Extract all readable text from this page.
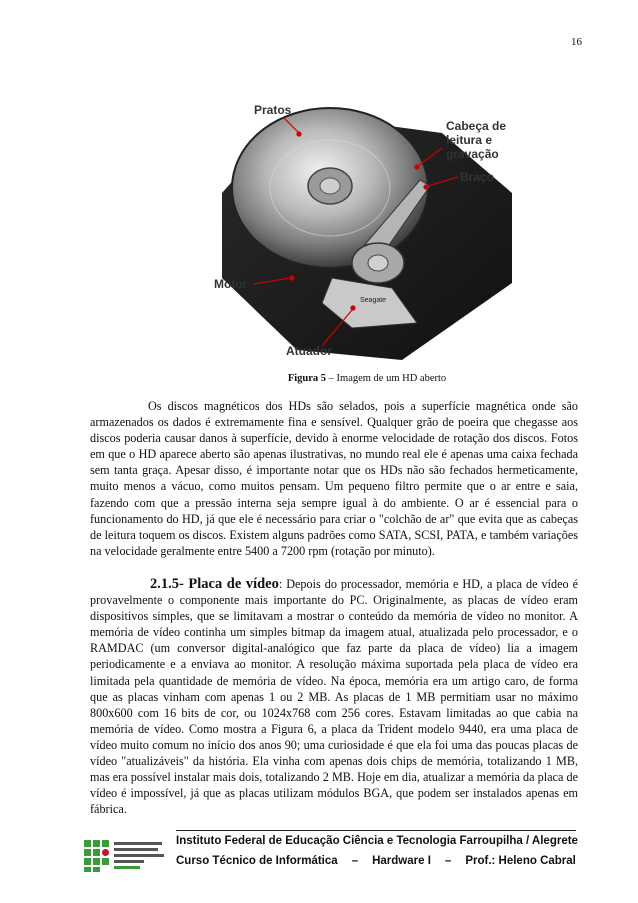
16
Seagate
Pratos
Cabeça de
leitura e
gravação
Braço
Motor
Atuador
Figura 5 – Imagem de um HD aberto

Os discos magnéticos dos HDs são selados, pois a superfície magnética onde são armazenados os dados é extremamente fina e sensível. Qualquer grão de poeira que chegasse aos discos poderia causar danos à superfície, devido à enorme velocidade de rotação dos discos. Fotos em que o HD aparece aberto são apenas ilustrativas, no mundo real ele é apenas uma caixa fechada sem tanta graça. Apesar disso, é importante notar que os HDs não são fechados hermeticamente, muito menos a vácuo, como muitos pensam. Um pequeno filtro permite que o ar entre e saia, fazendo com que a pressão interna seja sempre igual à do ambiente. O ar é essencial para o funcionamento do HD, já que ele é necessário para criar o "colchão de ar" que evita que as cabeças de leitura toquem os discos. Existem alguns padrões como SATA, SCSI, PATA, e também variações na velocidade geralmente entre 5400 a 7200 rpm (rotação por minuto).

2.1.5- Placa de vídeo: Depois do processador, memória e HD, a placa de vídeo é provavelmente o componente mais importante do PC. Originalmente, as placas de vídeo eram dispositivos simples, que se limitavam a mostrar o conteúdo da memória de vídeo no monitor. A memória de vídeo continha um simples bitmap da imagem atual, atualizada pelo processador, e o RAMDAC (um conversor digital-analógico que faz parte da placa de vídeo) lia a imagem periodicamente e a enviava ao monitor. A resolução máxima suportada pela placa de vídeo era limitada pela quantidade de memória de vídeo. Na época, memória era um artigo caro, de forma que as placas vinham com apenas 1 ou 2 MB. As placas de 1 MB permitiam usar no máximo 800x600 com 16 bits de cor, ou 1024x768 com 256 cores. Estavam limitadas ao que cabia na memória de vídeo. Como mostra a Figura 6, a placa da Trident modelo 9440, era uma placa de vídeo muito comum no início dos anos 90; uma curiosidade é que ela foi uma das poucas placas de vídeo "atualizáveis" da história. Ela vinha com apenas dois chips de memória, totalizando 1 MB, mas era possível instalar mais dois, totalizando 2 MB. Hoje em dia, atualizar a memória da placa de vídeo é impossível, já que as placas utilizam módulos BGA, que podem ser instalados apenas em fábrica.

Instituto Federal de Educação Ciência e Tecnologia Farroupilha / Alegrete
Curso Técnico de Informática – Hardware I – Prof.: Heleno Cabral
